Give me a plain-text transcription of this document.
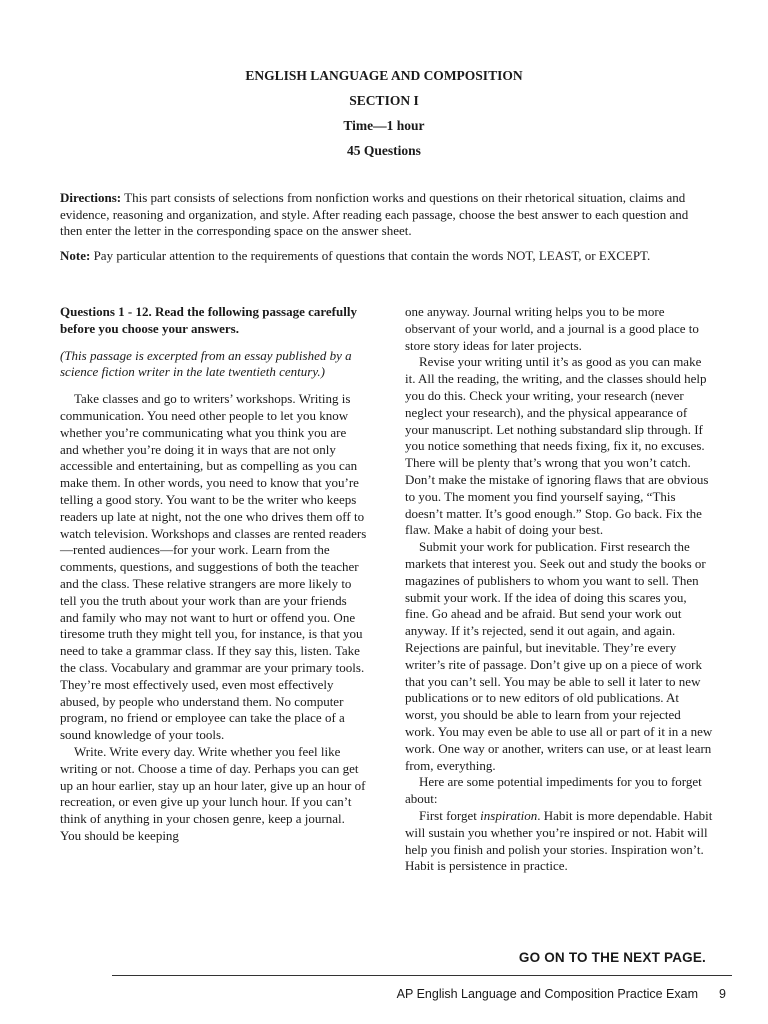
ENGLISH LANGUAGE AND COMPOSITION
SECTION I
Time—1 hour
45 Questions

Directions: This part consists of selections from nonfiction works and questions on their rhetorical situation, claims and evidence, reasoning and organization, and style. After reading each passage, choose the best answer to each question and then enter the letter in the corresponding space on the answer sheet.

Note: Pay particular attention to the requirements of questions that contain the words NOT, LEAST, or EXCEPT.

Questions 1 - 12. Read the following passage carefully before you choose your answers.

(This passage is excerpted from an essay published by a science fiction writer in the late twentieth century.)

Take classes and go to writers’ workshops. Writing is communication. You need other people to let you know whether you’re communicating what you think you are and whether you’re doing it in ways that are not only accessible and entertaining, but as compelling as you can make them. In other words, you need to know that you’re telling a good story. You want to be the writer who keeps readers up late at night, not the one who drives them off to watch television. Workshops and classes are rented readers—rented audiences—for your work. Learn from the comments, questions, and suggestions of both the teacher and the class. These relative strangers are more likely to tell you the truth about your work than are your friends and family who may not want to hurt or offend you. One tiresome truth they might tell you, for instance, is that you need to take a grammar class. If they say this, listen. Take the class. Vocabulary and grammar are your primary tools. They’re most effectively used, even most effectively abused, by people who understand them. No computer program, no friend or employee can take the place of a sound knowledge of your tools.

Write. Write every day. Write whether you feel like writing or not. Choose a time of day. Perhaps you can get up an hour earlier, stay up an hour later, give up an hour of recreation, or even give up your lunch hour. If you can’t think of anything in your chosen genre, keep a journal. You should be keeping

one anyway. Journal writing helps you to be more observant of your world, and a journal is a good place to store story ideas for later projects.

Revise your writing until it’s as good as you can make it. All the reading, the writing, and the classes should help you do this. Check your writing, your research (never neglect your research), and the physical appearance of your manuscript. Let nothing substandard slip through. If you notice something that needs fixing, fix it, no excuses. There will be plenty that’s wrong that you won’t catch. Don’t make the mistake of ignoring flaws that are obvious to you. The moment you find yourself saying, “This doesn’t matter. It’s good enough.” Stop. Go back. Fix the flaw. Make a habit of doing your best.

Submit your work for publication. First research the markets that interest you. Seek out and study the books or magazines of publishers to whom you want to sell. Then submit your work. If the idea of doing this scares you, fine. Go ahead and be afraid. But send your work out anyway. If it’s rejected, send it out again, and again. Rejections are painful, but inevitable. They’re every writer’s rite of passage. Don’t give up on a piece of work that you can’t sell. You may be able to sell it later to new publications or to new editors of old publications. At worst, you should be able to learn from your rejected work. You may even be able to use all or part of it in a new work. One way or another, writers can use, or at least learn from, everything.

Here are some potential impediments for you to forget about:

First forget inspiration. Habit is more dependable. Habit will sustain you whether you’re inspired or not. Habit will help you finish and polish your stories. Inspiration won’t. Habit is persistence in practice.

GO ON TO THE NEXT PAGE.
AP English Language and Composition Practice Exam 9
